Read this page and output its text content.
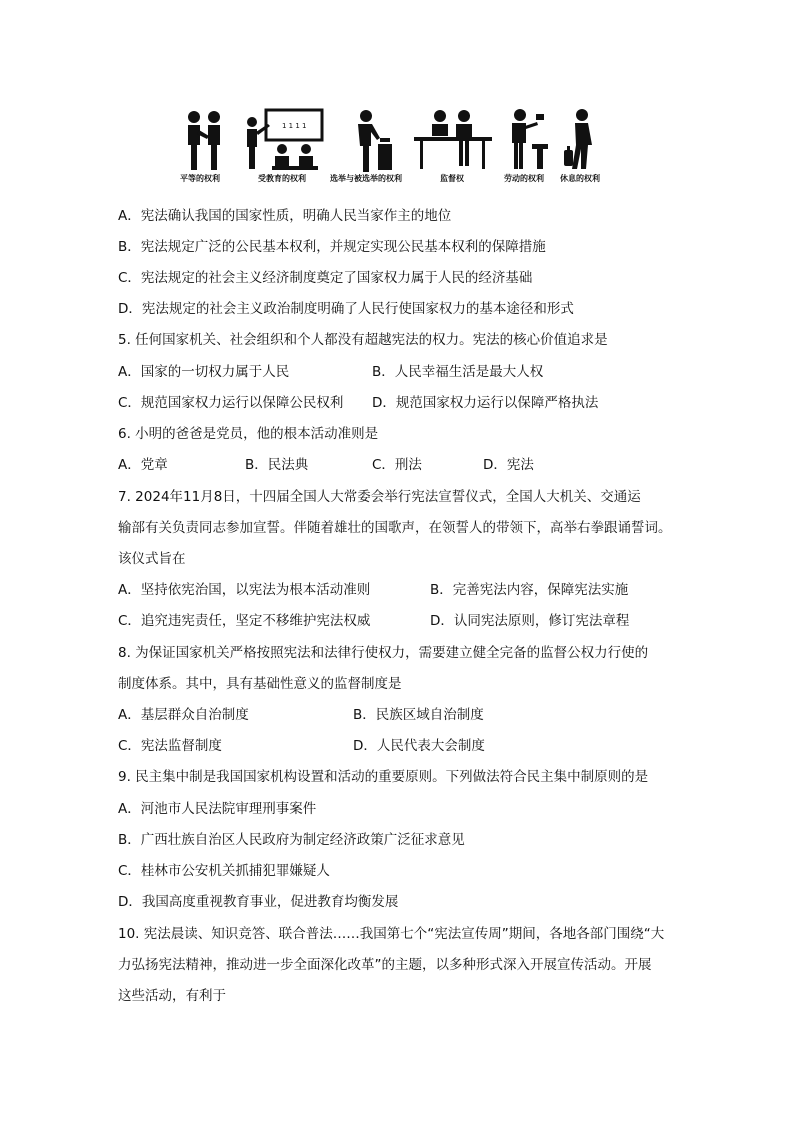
1 1 1 1
平等的权利	受教育的权利	选举与被选举的权利	监督权	劳动的权利 休息的权利
A．宪法确认我国的国家性质，明确人民当家作主的地位
B．宪法规定广泛的公民基本权利，并规定实现公民基本权利的保障措施
C．宪法规定的社会主义经济制度奠定了国家权力属于人民的经济基础
D．宪法规定的社会主义政治制度明确了人民行使国家权力的基本途径和形式
5. 任何国家机关、社会组织和个人都没有超越宪法的权力。宪法的核心价值追求是
A．国家的一切权力属于人民	B．人民幸福生活是最大人权
C．规范国家权力运行以保障公民权利 D．规范国家权力运行以保障严格执法
6. 小明的爸爸是党员，他的根本活动准则是
A．党章	B．民法典	C．刑法	D．宪法
7. 2024年11月8日，十四届全国人大常委会举行宪法宣誓仪式，全国人大机关、交通运
输部有关负责同志参加宣誓。伴随着雄壮的国歌声，在领誓人的带领下，高举右拳跟诵誓词。
该仪式旨在
A．坚持依宪治国，以宪法为根本活动准则	B．完善宪法内容，保障宪法实施
C．追究违宪责任，坚定不移维护宪法权威	D．认同宪法原则，修订宪法章程
8. 为保证国家机关严格按照宪法和法律行使权力，需要建立健全完备的监督公权力行使的
制度体系。其中，具有基础性意义的监督制度是
A．基层群众自治制度	B．民族区域自治制度
C．宪法监督制度	D．人民代表大会制度
9. 民主集中制是我国国家机构设置和活动的重要原则。下列做法符合民主集中制原则的是
A．河池市人民法院审理刑事案件
B．广西壮族自治区人民政府为制定经济政策广泛征求意见
C．桂林市公安机关抓捕犯罪嫌疑人
D．我国高度重视教育事业，促进教育均衡发展
10. 宪法晨读、知识竞答、联合普法……我国第七个“宪法宣传周”期间，各地各部门围绕“大
力弘扬宪法精神，推动进一步全面深化改革”的主题，以多种形式深入开展宣传活动。开展
这些活动，有利于
